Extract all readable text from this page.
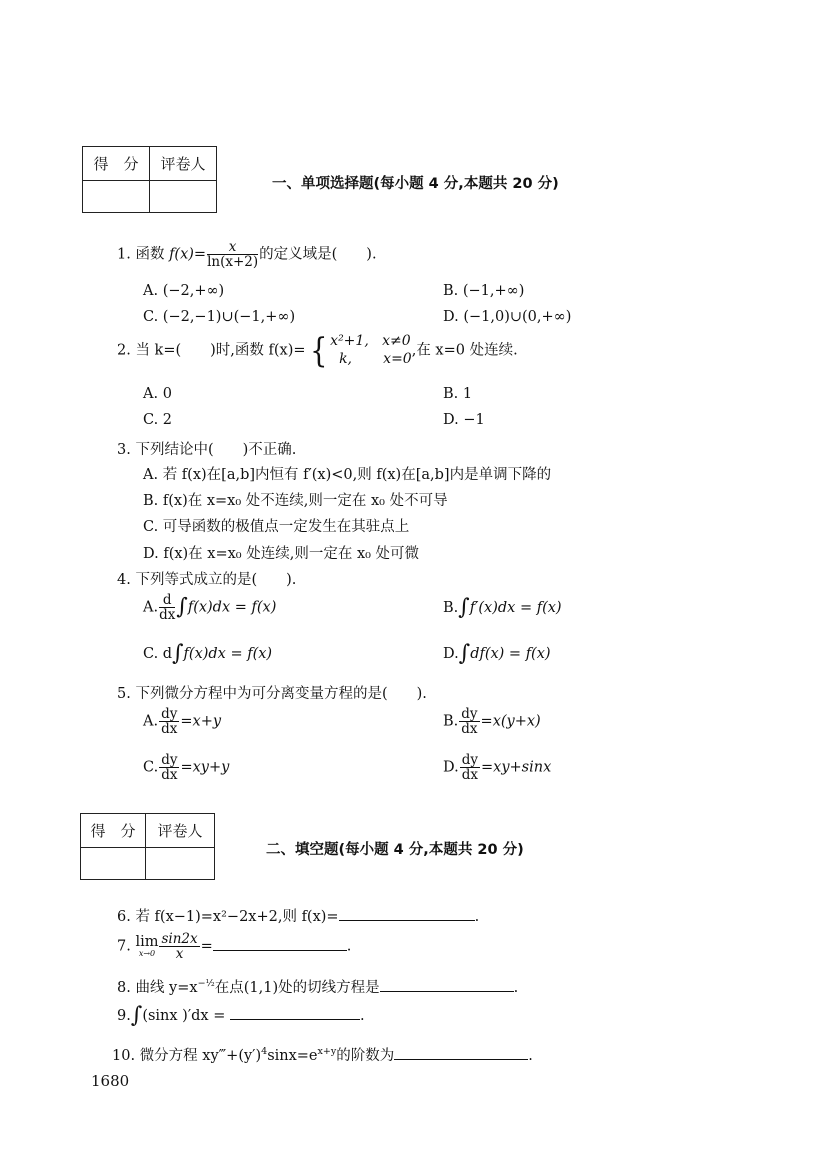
得　分	评卷人

一、单项选择题(每小题 4 分,本题共 20 分)
1. 函数 $f(x)= \frac{x}{\ln(x+2)}$ 的定义域是(　　).
A. (−2,+∞)	B. (−1,+∞)
C. (−2,−1)∪(−1,+∞)	D. (−1,0)∪(0,+∞)
2. 当 k=(　　)时,函数 f(x)= { x²+1, x≠0
k, x=0 ,在 x=0 处连续.
A. 0	B. 1
C. 2	D. −1
3. 下列结论中(　　)不正确.
A. 若 f(x)在[a,b]内恒有 f′(x)<0,则 f(x)在[a,b]内是单调下降的
B. f(x)在 x=x₀ 处不连续,则一定在 x₀ 处不可导
C. 可导函数的极值点一定发生在其驻点上
D. f(x)在 x=x₀ 处连续,则一定在 x₀ 处可微
4. 下列等式成立的是(　　).
A. $\frac{d}{dx} \int f(x)dx = f(x)$	B.∫f′(x)dx = f(x)
C. d∫f(x)dx = f(x)	D.∫df(x) = f(x)
5. 下列微分方程中为可分离变量方程的是(　　).
A. $\frac{dy}{dx} =x+y$	B. $\frac{dy}{dx} =x(y+x)$
C. $\frac{dy}{dx} =xy+y$	D. $\frac{dy}{dx} =xy+\sin x$
得　分	评卷人

二、填空题(每小题 4 分,本题共 20 分)
6. 若 f(x−1)=x²−2x+2,则 f(x)=	.
7. lim
$x\to 0 \frac{\sin 2x}{x}$ =	.
8. 曲线 $y=x^{-\frac{1}{2}}$在点(1,1)处的切线方程是	.
9.∫(sinx )′dx =	.
10. 微分方程 $xy‴+(y')^4\sin x=e^{x+y}$的阶数为	.
1680
